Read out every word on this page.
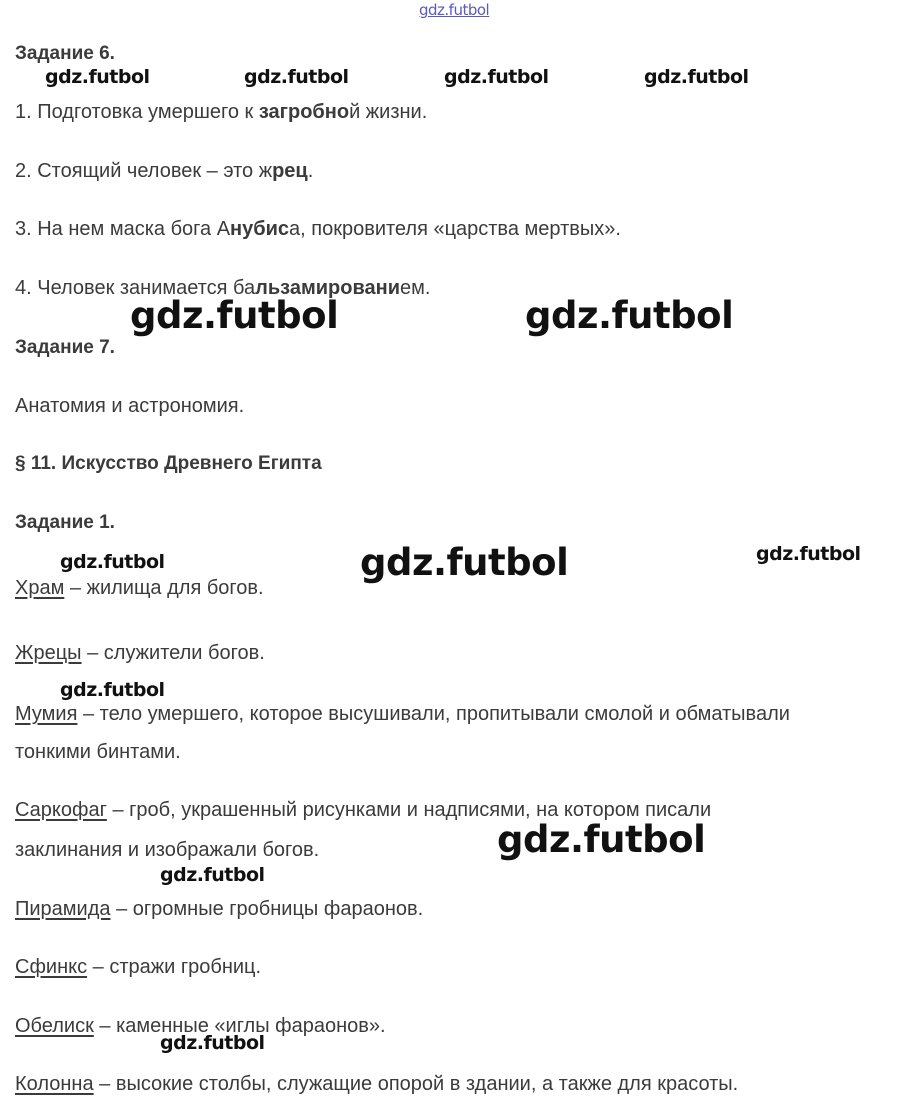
gdz.futbol
Задание 6.
1. Подготовка умершего к загробной жизни.
2. Стоящий человек – это жрец.
3. На нем маска бога Анубиса, покровителя «царства мертвых».
4. Человек занимается бальзамированием.
Задание 7.
Анатомия и астрономия.
§ 11. Искусство Древнего Египта
Задание 1.
Храм – жилища для богов.
Жрецы – служители богов.
Мумия – тело умершего, которое высушивали, пропитывали смолой и обматывали
тонкими бинтами.
Саркофаг – гроб, украшенный рисунками и надписями, на котором писали
заклинания и изображали богов.
Пирамида – огромные гробницы фараонов.
Сфинкс – стражи гробниц.
Обелиск – каменные «иглы фараонов».
Колонна – высокие столбы, служащие опорой в здании, а также для красоты.
gdz.futbol	gdz.futbol	gdz.futbol	gdz.futbol
gdz.futbol	gdz.futbol
gdz.futbol	gdz.futbol	gdz.futbol
gdz.futbol
gdz.futbol
gdz.futbol
gdz.futbol
